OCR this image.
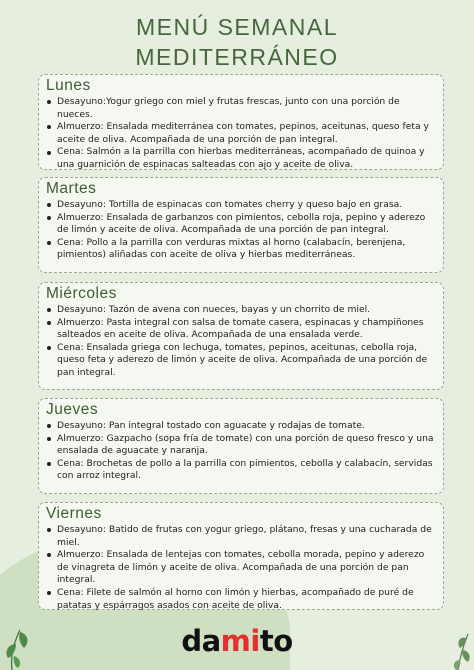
MENÚ SEMANAL
MEDITERRÁNEO
Lunes
Desayuno:Yogur griego con miel y frutas frescas, junto con una porción de nueces.
Almuerzo: Ensalada mediterránea con tomates, pepinos, aceitunas, queso feta y aceite de oliva. Acompañada de una porción de pan integral.
Cena: Salmón a la parrilla con hierbas mediterráneas, acompañado de quinoa y una guarnición de espinacas salteadas con ajo y aceite de oliva.
Martes
Desayuno: Tortilla de espinacas con tomates cherry y queso bajo en grasa.
Almuerzo: Ensalada de garbanzos con pimientos, cebolla roja, pepino y aderezo de limón y aceite de oliva. Acompañada de una porción de pan integral.
Cena: Pollo a la parrilla con verduras mixtas al horno (calabacín, berenjena, pimientos) aliñadas con aceite de oliva y hierbas mediterráneas.
Miércoles
Desayuno: Tazón de avena con nueces, bayas y un chorrito de miel.
Almuerzo: Pasta integral con salsa de tomate casera, espinacas y champiñones salteados en aceite de oliva. Acompañada de una ensalada verde.
Cena: Ensalada griega con lechuga, tomates, pepinos, aceitunas, cebolla roja, queso feta y aderezo de limón y aceite de oliva. Acompañada de una porción de pan integral.
Jueves
Desayuno: Pan integral tostado con aguacate y rodajas de tomate.
Almuerzo: Gazpacho (sopa fría de tomate) con una porción de queso fresco y una ensalada de aguacate y naranja.
Cena: Brochetas de pollo a la parrilla con pimientos, cebolla y calabacín, servidas con arroz integral.
Viernes
Desayuno: Batido de frutas con yogur griego, plátano, fresas y una cucharada de miel.
Almuerzo: Ensalada de lentejas con tomates, cebolla morada, pepino y aderezo de vinagreta de limón y aceite de oliva. Acompañada de una porción de pan integral.
Cena: Filete de salmón al horno con limón y hierbas, acompañado de puré de patatas y espárragos asados con aceite de oliva.
damito
